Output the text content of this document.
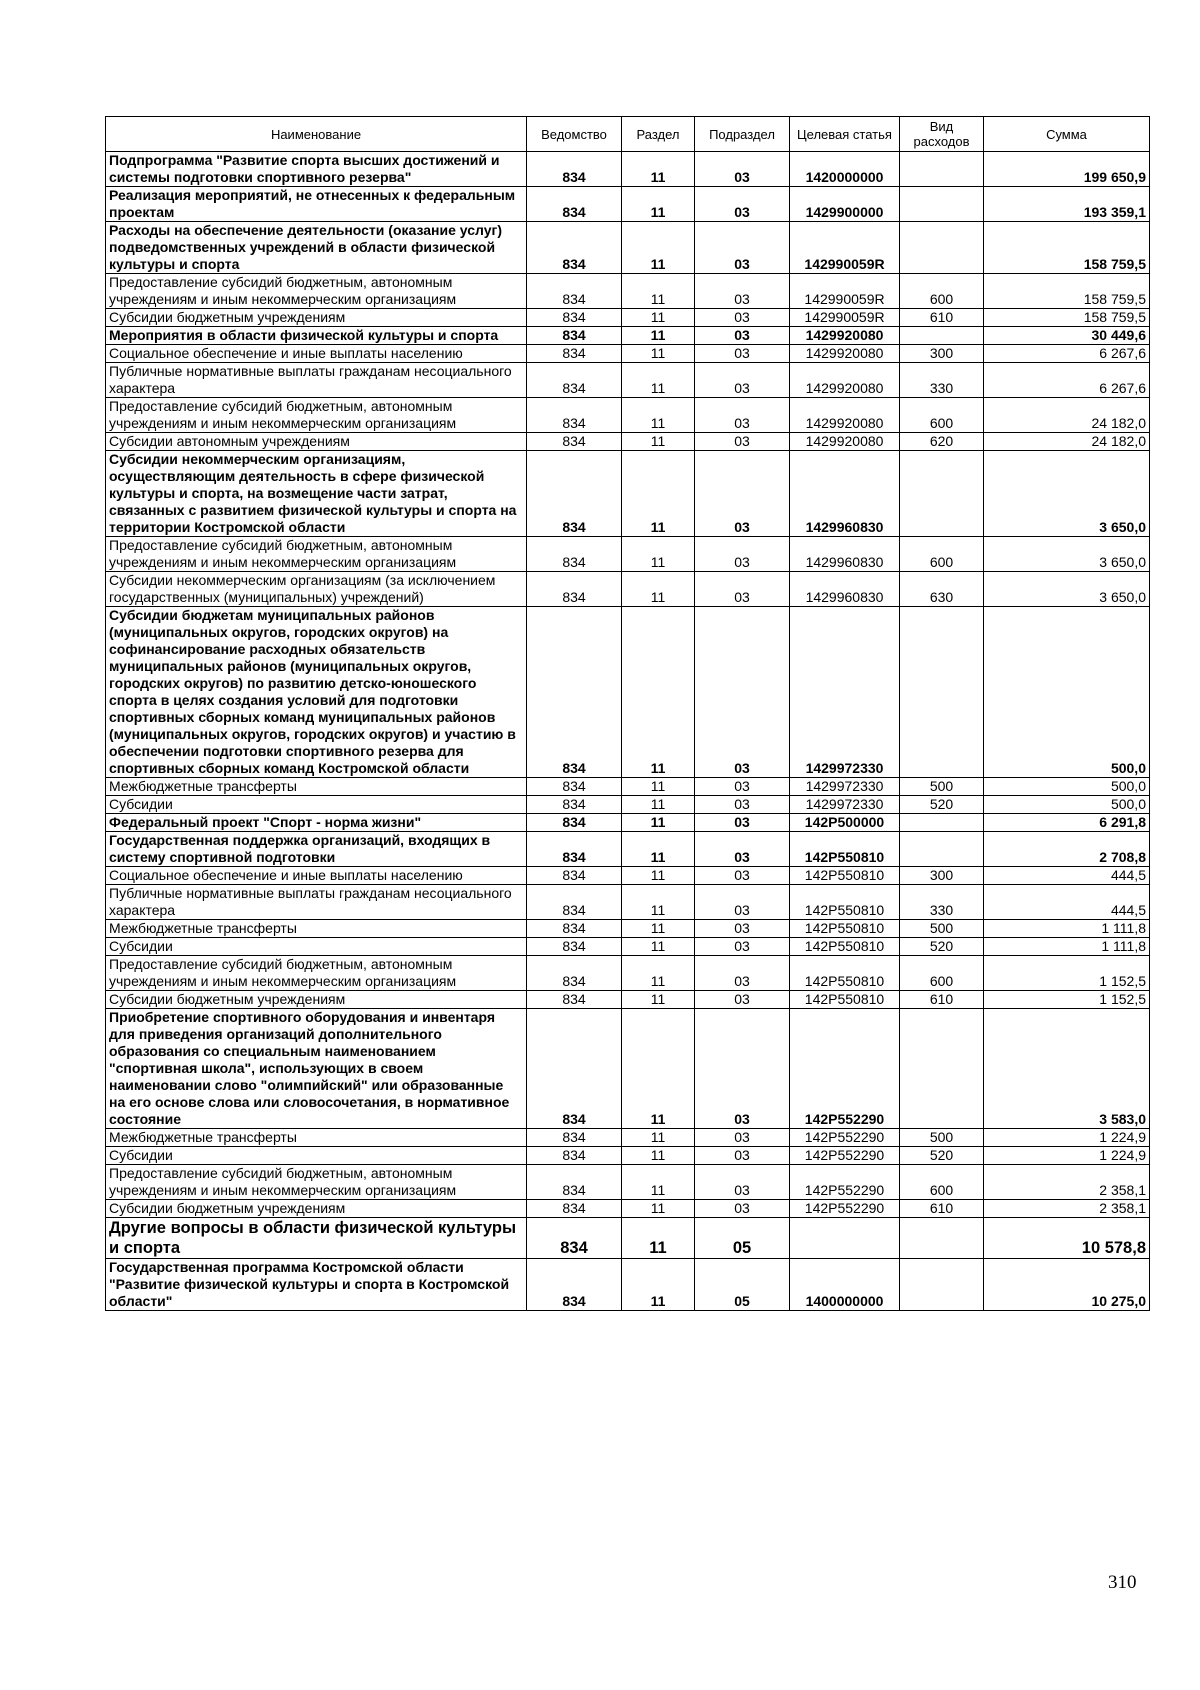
Наименование	Ведомство	Раздел	Подраздел	Целевая статья	Вид расходов	Сумма
Подпрограмма "Развитие спорта высших достижений и системы подготовки спортивного резерва"	834	11	03	1420000000		199 650,9
Реализация мероприятий, не отнесенных к федеральным проектам	834	11	03	1429900000		193 359,1
Расходы на обеспечение деятельности (оказание услуг) подведомственных учреждений в области физической культуры и спорта	834	11	03	142990059R		158 759,5
Предоставление субсидий бюджетным, автономным учреждениям и иным некоммерческим организациям	834	11	03	142990059R	600	158 759,5
Субсидии бюджетным учреждениям	834	11	03	142990059R	610	158 759,5
Мероприятия в области физической культуры и спорта	834	11	03	1429920080		30 449,6
Социальное обеспечение и иные выплаты населению	834	11	03	1429920080	300	6 267,6
Публичные нормативные выплаты гражданам несоциального характера	834	11	03	1429920080	330	6 267,6
Предоставление субсидий бюджетным, автономным учреждениям и иным некоммерческим организациям	834	11	03	1429920080	600	24 182,0
Субсидии автономным учреждениям	834	11	03	1429920080	620	24 182,0
Субсидии некоммерческим организациям, осуществляющим деятельность в сфере физической культуры и спорта, на возмещение части затрат, связанных с развитием физической культуры и спорта на территории Костромской области	834	11	03	1429960830		3 650,0
Предоставление субсидий бюджетным, автономным учреждениям и иным некоммерческим организациям	834	11	03	1429960830	600	3 650,0
Субсидии некоммерческим организациям (за исключением государственных (муниципальных) учреждений)	834	11	03	1429960830	630	3 650,0
Субсидии бюджетам муниципальных районов (муниципальных округов, городских округов) на софинансирование расходных обязательств муниципальных районов (муниципальных округов, городских округов) по развитию детско-юношеского спорта в целях создания условий для подготовки спортивных сборных команд муниципальных районов (муниципальных округов, городских округов) и участию в обеспечении подготовки спортивного резерва для спортивных сборных команд Костромской области	834	11	03	1429972330		500,0
Межбюджетные трансферты	834	11	03	1429972330	500	500,0
Субсидии	834	11	03	1429972330	520	500,0
Федеральный проект "Спорт - норма жизни"	834	11	03	142P500000		6 291,8
Государственная поддержка организаций, входящих в систему спортивной подготовки	834	11	03	142P550810		2 708,8
Социальное обеспечение и иные выплаты населению	834	11	03	142P550810	300	444,5
Публичные нормативные выплаты гражданам несоциального характера	834	11	03	142P550810	330	444,5
Межбюджетные трансферты	834	11	03	142P550810	500	1 111,8
Субсидии	834	11	03	142P550810	520	1 111,8
Предоставление субсидий бюджетным, автономным учреждениям и иным некоммерческим организациям	834	11	03	142P550810	600	1 152,5
Субсидии бюджетным учреждениям	834	11	03	142P550810	610	1 152,5
Приобретение спортивного оборудования и инвентаря для приведения организаций дополнительного образования со специальным наименованием "спортивная школа", использующих в своем наименовании слово "олимпийский" или образованные на его основе слова или словосочетания, в нормативное состояние	834	11	03	142P552290		3 583,0
Межбюджетные трансферты	834	11	03	142P552290	500	1 224,9
Субсидии	834	11	03	142P552290	520	1 224,9
Предоставление субсидий бюджетным, автономным учреждениям и иным некоммерческим организациям	834	11	03	142P552290	600	2 358,1
Субсидии бюджетным учреждениям	834	11	03	142P552290	610	2 358,1
Другие вопросы в области физической культуры и спорта	834	11	05			10 578,8
Государственная программа Костромской области "Развитие физической культуры и спорта в Костромской области"	834	11	05	1400000000		10 275,0
310
